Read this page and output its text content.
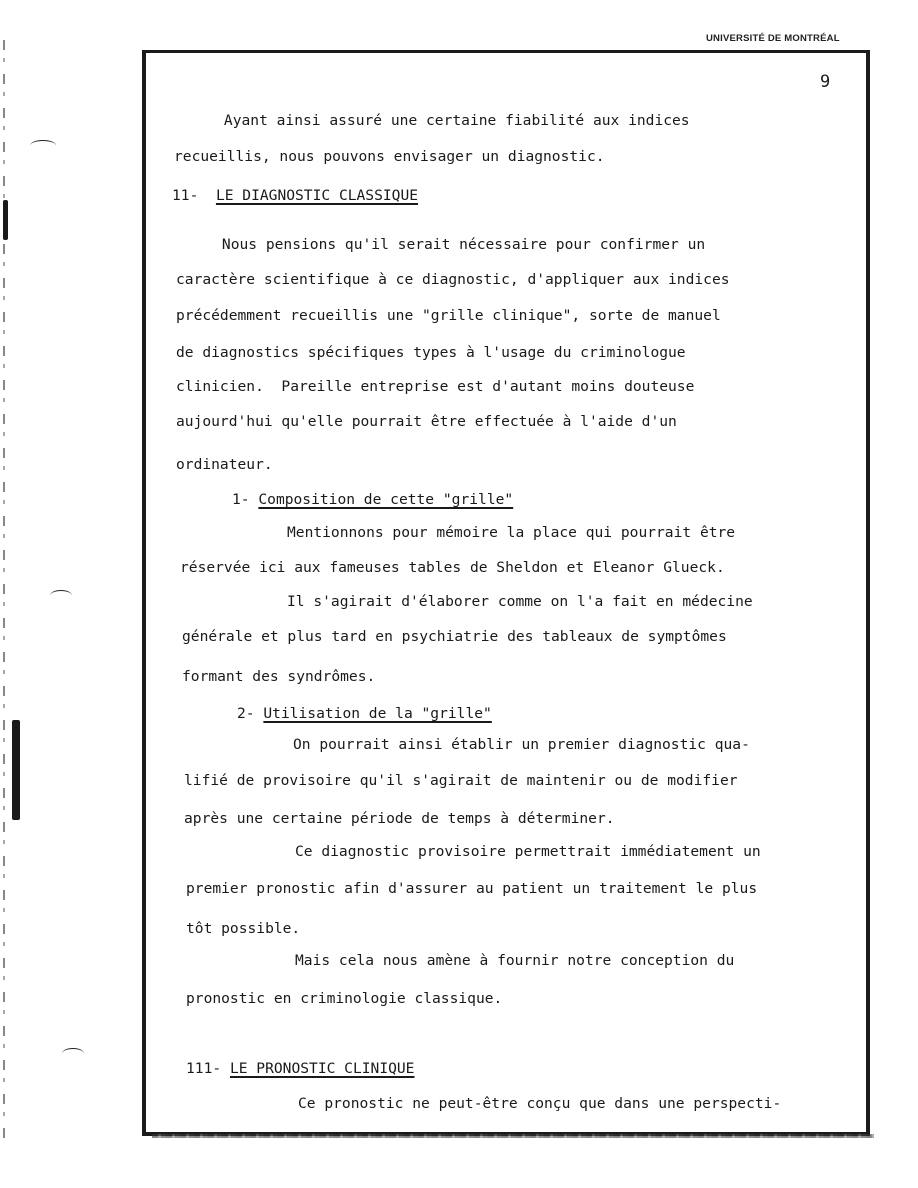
UNIVERSITÉ DE MONTRÉAL
9
Ayant ainsi assuré une certaine fiabilité aux indices
recueillis, nous pouvons envisager un diagnostic.
11- LE DIAGNOSTIC CLASSIQUE
Nous pensions qu'il serait nécessaire pour confirmer un
caractère scientifique à ce diagnostic, d'appliquer aux indices
précédemment recueillis une "grille clinique", sorte de manuel
de diagnostics spécifiques types à l'usage du criminologue
clinicien.  Pareille entreprise est d'autant moins douteuse
aujourd'hui qu'elle pourrait être effectuée à l'aide d'un
ordinateur.
1- Composition de cette "grille"
Mentionnons pour mémoire la place qui pourrait être
réservée ici aux fameuses tables de Sheldon et Eleanor Glueck.
Il s'agirait d'élaborer comme on l'a fait en médecine
générale et plus tard en psychiatrie des tableaux de symptômes
formant des syndrômes.
2- Utilisation de la "grille"
On pourrait ainsi établir un premier diagnostic qua-
lifié de provisoire qu'il s'agirait de maintenir ou de modifier
après une certaine période de temps à déterminer.
Ce diagnostic provisoire permettrait immédiatement un
premier pronostic afin d'assurer au patient un traitement le plus
tôt possible.
Mais cela nous amène à fournir notre conception du
pronostic en criminologie classique.
111- LE PRONOSTIC CLINIQUE
Ce pronostic ne peut-être conçu que dans une perspecti-
